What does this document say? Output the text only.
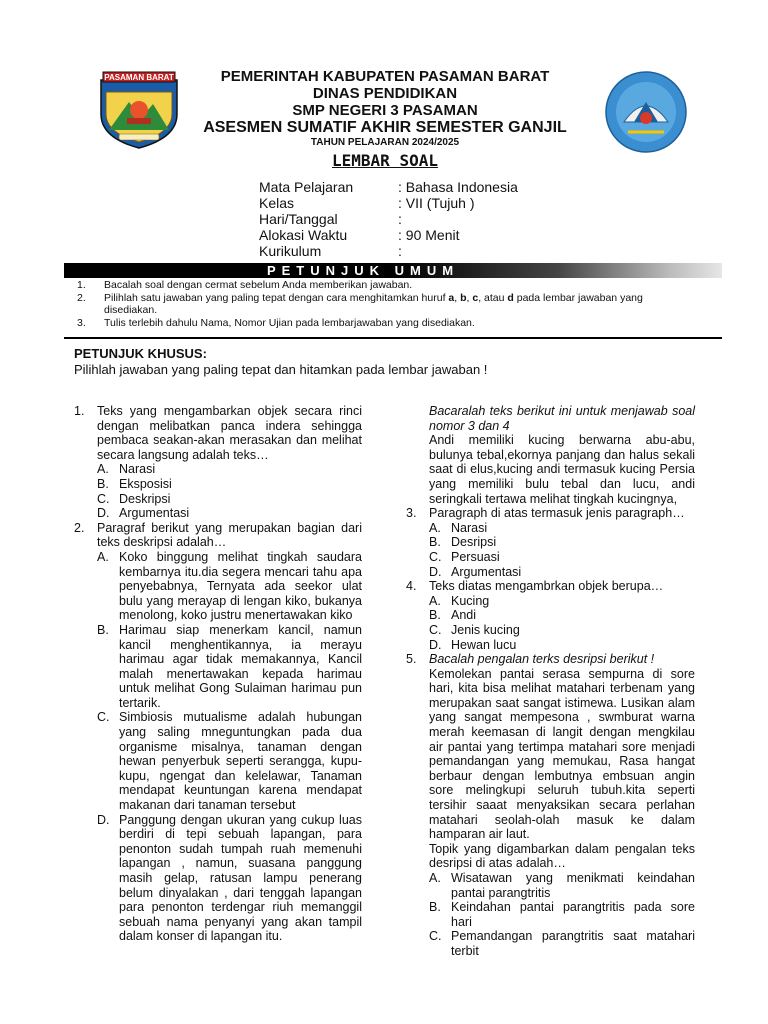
PASAMAN BARAT	PEMERINTAH KABUPATEN PASAMAN BARAT
DINAS PENDIDIKAN
SMP NEGERI 3 PASAMAN
ASESMEN SUMATIF AKHIR SEMESTER GANJIL
TAHUN PELAJARAN 2024/2025
LEMBAR SOAL
Mata Pelajaran	: Bahasa Indonesia
Kelas	: VII (Tujuh )
Hari/Tanggal	:
Alokasi Waktu	: 90 Menit
Kurikulum	:
PETUNJUK UMUM
1.	Bacalah soal dengan cermat sebelum Anda memberikan jawaban.
2.	Pilihlah satu jawaban yang paling tepat dengan cara menghitamkan huruf a, b, c, atau d pada lembar jawaban yang disediakan.
3.	Tulis terlebih dahulu Nama, Nomor Ujian pada lembarjawaban yang disediakan.
PETUNJUK KHUSUS:
Pilihlah jawaban yang paling tepat dan hitamkan pada lembar jawaban !
1.	Teks yang mengambarkan objek secara rinci dengan melibatkan panca indera sehingga pembaca seakan-akan merasakan dan melihat secara langsung adalah teks…
A. Narasi
B. Eksposisi
C. Deskripsi
D. Argumentasi
2.	Paragraf berikut yang merupakan bagian dari teks deskripsi adalah…
A. Koko binggung melihat tingkah saudara kembarnya itu.dia segera mencari tahu apa penyebabnya, Ternyata ada seekor ulat bulu yang merayap di lengan kiko, bukanya menolong, koko justru menertawakan kiko
B. Harimau siap menerkam kancil, namun kancil menghentikannya, ia merayu harimau agar tidak memakannya, Kancil malah menertawakan kepada harimau untuk melihat Gong Sulaiman harimau pun tertarik.
C. Simbiosis mutualisme adalah hubungan yang saling mneguntungkan pada dua organisme misalnya, tanaman dengan hewan penyerbuk seperti serangga, kupu-kupu, ngengat dan kelelawar, Tanaman mendapat keuntungan karena mendapat makanan dari tanaman tersebut
D. Panggung dengan ukuran yang cukup luas berdiri di tepi sebuah lapangan, para penonton sudah tumpah ruah memenuhi lapangan , namun, suasana panggung masih gelap, ratusan lampu penerang belum dinyalakan , dari tenggah lapangan para penonton terdengar riuh memanggil sebuah nama penyanyi yang akan tampil dalam konser di lapangan itu.
Bacaralah teks berikut ini untuk menjawab soal nomor 3 dan 4
Andi memiliki kucing berwarna abu-abu, bulunya tebal,ekornya panjang dan halus sekali saat di elus,kucing andi termasuk kucing Persia yang memiliki bulu tebal dan lucu, andi seringkali tertawa melihat tingkah kucingnya,
3.	Paragraph di atas termasuk jenis paragraph…
A. Narasi
B. Desripsi
C. Persuasi
D. Argumentasi
4.	Teks diatas mengambrkan objek berupa…
A. Kucing
B. Andi
C. Jenis kucing
D. Hewan lucu
5.	Bacalah pengalan terks desripsi berikut !
Kemolekan pantai serasa sempurna di sore hari, kita bisa melihat matahari terbenam yang merupakan saat sangat istimewa. Lusikan alam yang sangat mempesona , swmburat warna merah keemasan di langit dengan mengkilau air pantai yang tertimpa matahari sore menjadi pemandangan yang memukau, Rasa hangat berbaur dengan lembutnya embsuan angin sore melingkupi seluruh tubuh.kita seperti tersihir saaat menyaksikan secara perlahan matahari seolah-olah masuk ke dalam hamparan air laut.
Topik yang digambarkan dalam pengalan teks desripsi di atas adalah…
A. Wisatawan yang menikmati keindahan pantai parangtritis
B. Keindahan pantai parangtritis pada sore hari
C. Pemandangan parangtritis saat matahari terbit
